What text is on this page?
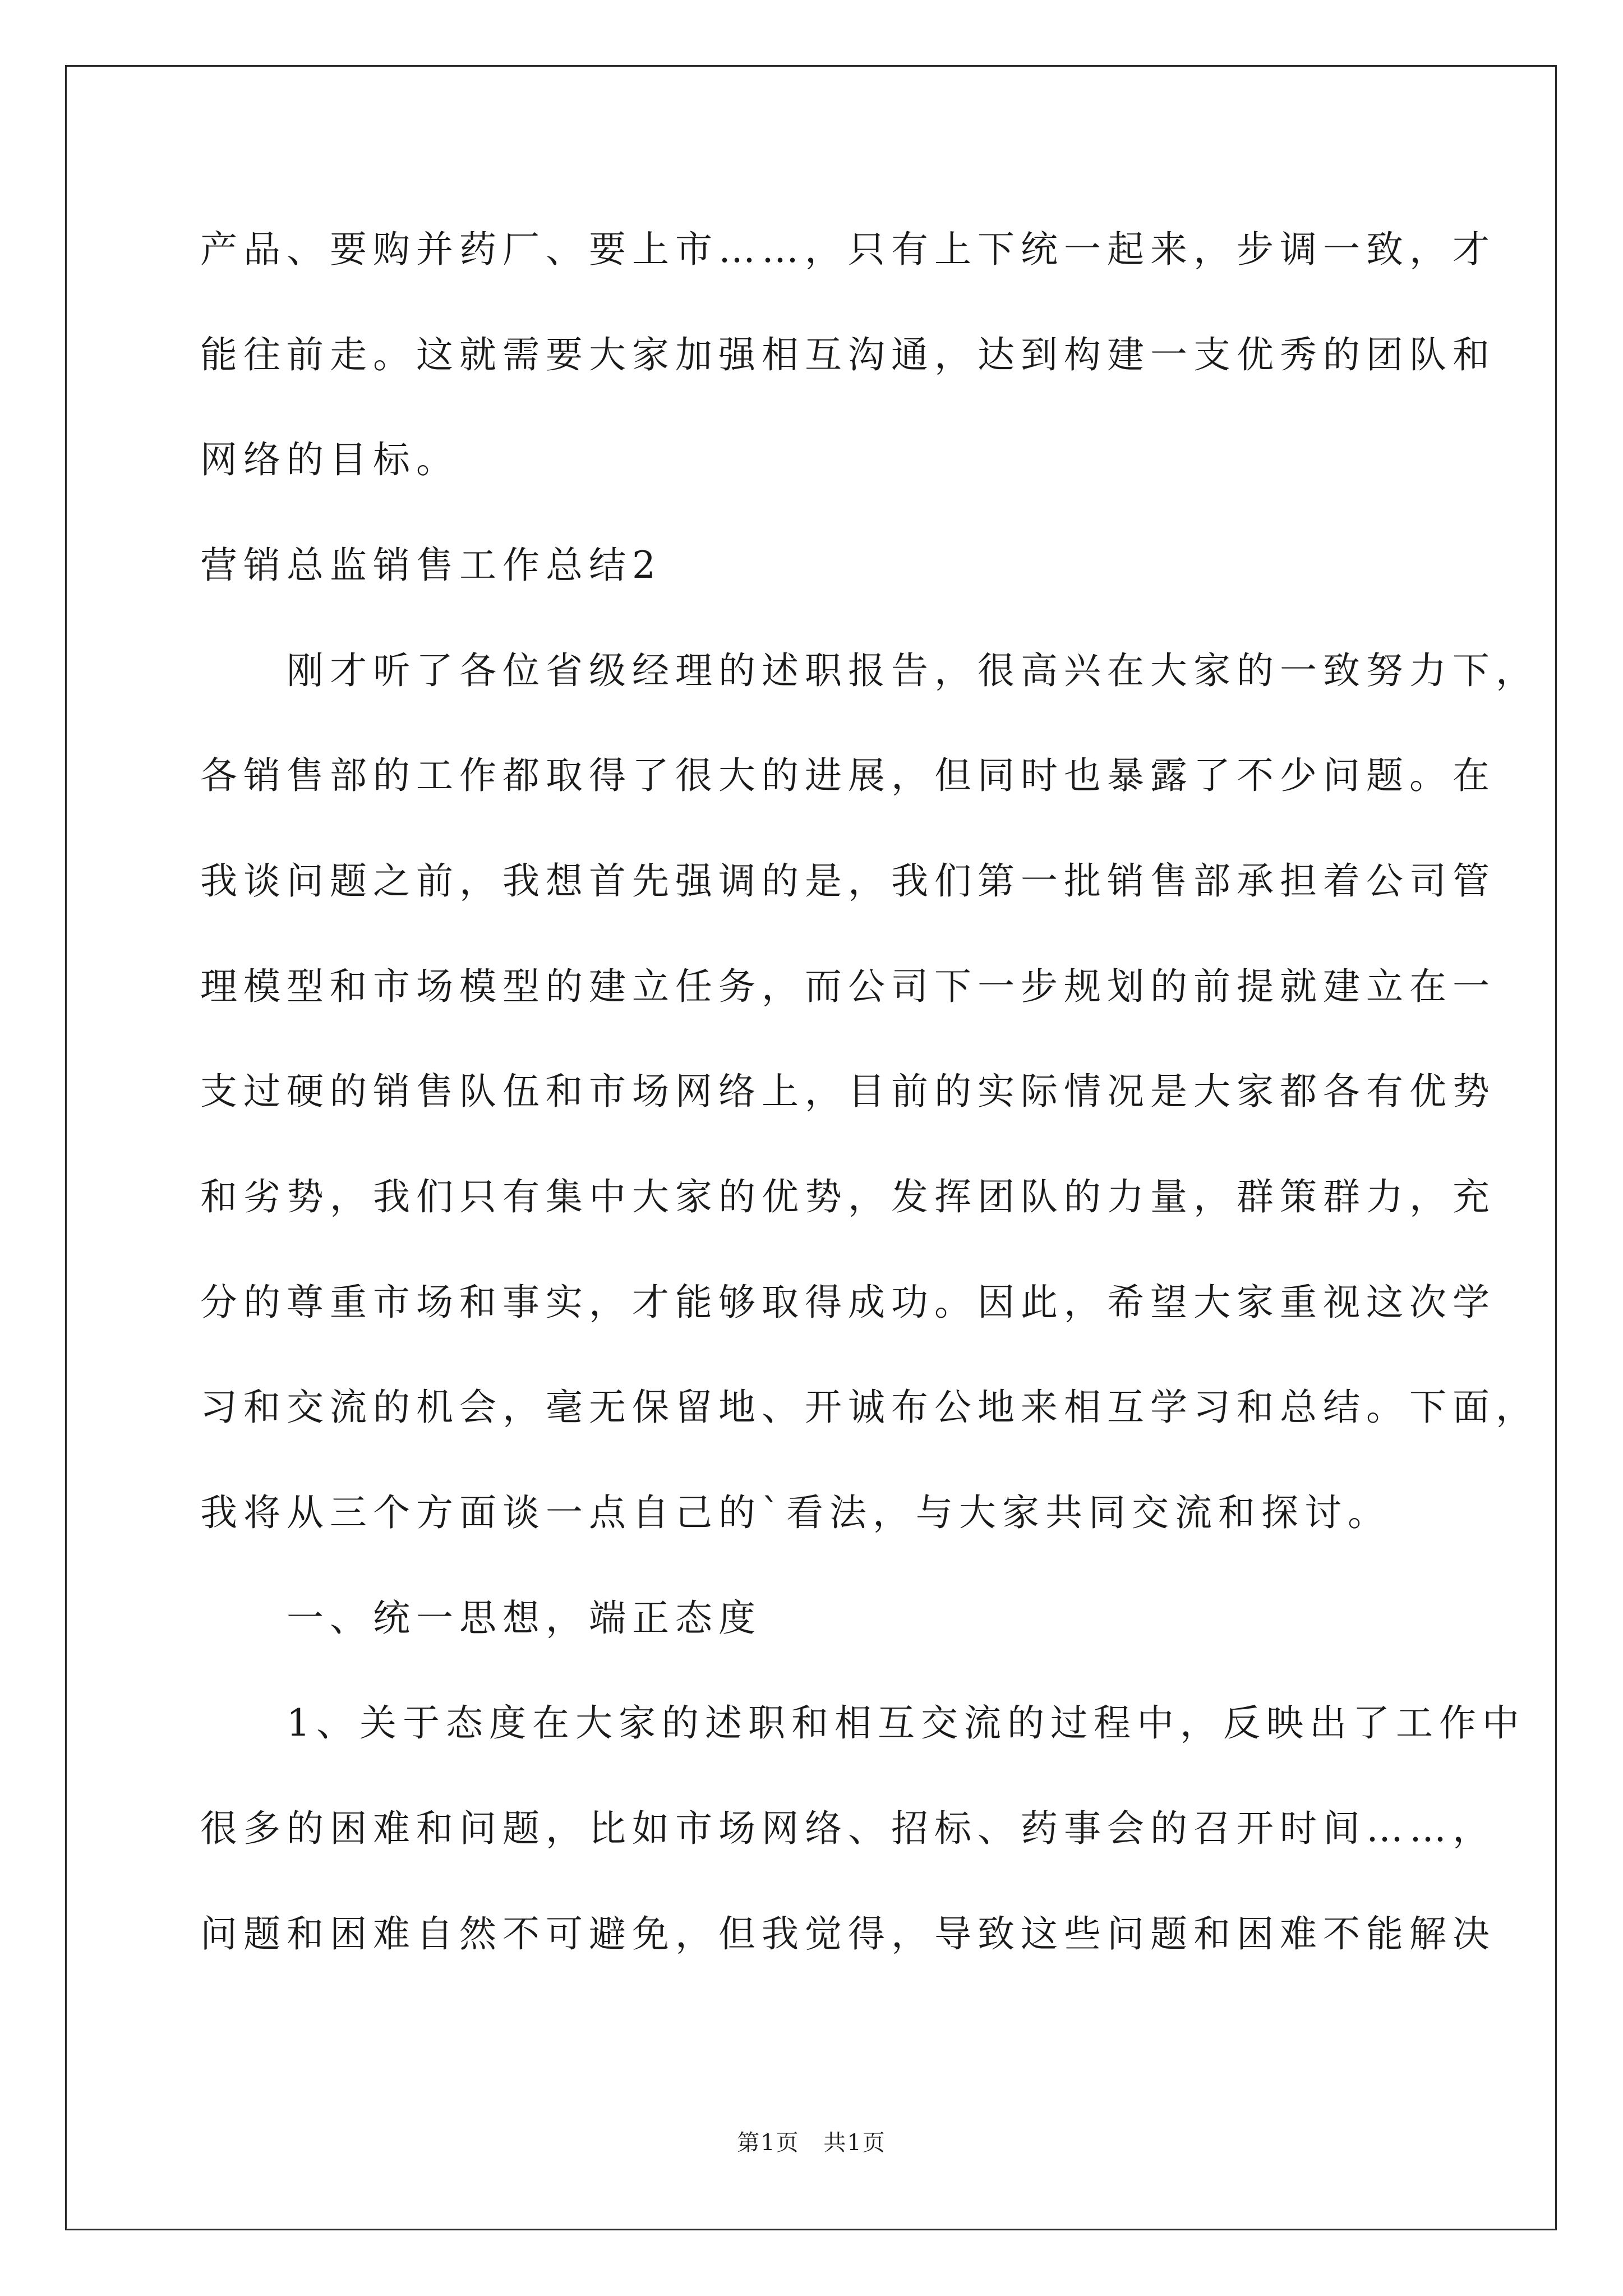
产品、要购并药厂、要上市……，只有上下统一起来，步调一致，才
能往前走。这就需要大家加强相互沟通，达到构建一支优秀的团队和
网络的目标。
营销总监销售工作总结2
　　刚才听了各位省级经理的述职报告，很高兴在大家的一致努力下，
各销售部的工作都取得了很大的进展，但同时也暴露了不少问题。在
我谈问题之前，我想首先强调的是，我们第一批销售部承担着公司管
理模型和市场模型的建立任务，而公司下一步规划的前提就建立在一
支过硬的销售队伍和市场网络上，目前的实际情况是大家都各有优势
和劣势，我们只有集中大家的优势，发挥团队的力量，群策群力，充
分的尊重市场和事实，才能够取得成功。因此，希望大家重视这次学
习和交流的机会，毫无保留地、开诚布公地来相互学习和总结。下面，
我将从三个方面谈一点自己的`看法，与大家共同交流和探讨。
　　一、统一思想，端正态度
　　1、关于态度在大家的述职和相互交流的过程中，反映出了工作中
很多的困难和问题，比如市场网络、招标、药事会的召开时间……，
问题和困难自然不可避免，但我觉得，导致这些问题和困难不能解决
第1页 共1页
